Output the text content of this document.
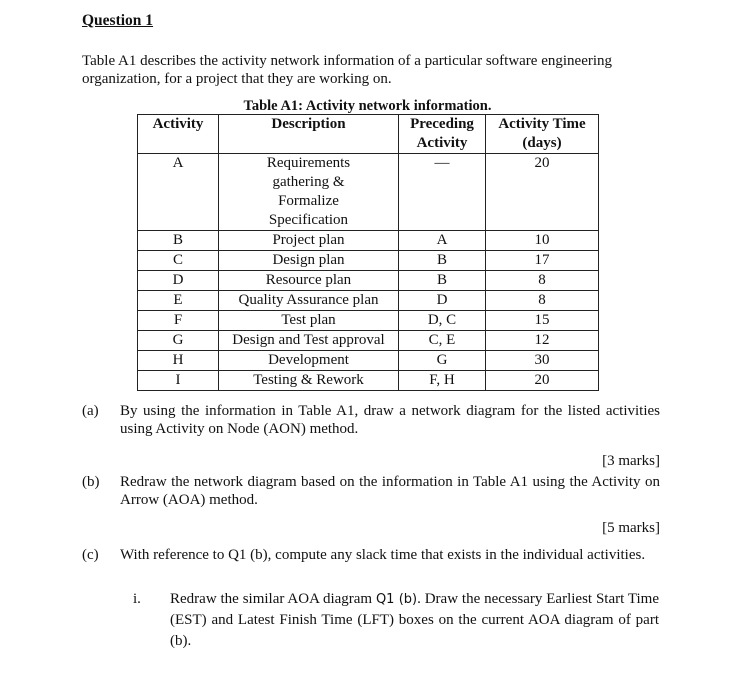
Question 1
Table A1 describes the activity network information of a particular software engineering organization, for a project that they are working on.
Table A1: Activity network information.
Activity	Description	Preceding Activity	Activity Time (days)
A	Requirements gathering & Formalize Specification	—	20
B	Project plan	A	10
C	Design plan	B	17
D	Resource plan	B	8
E	Quality Assurance plan	D	8
F	Test plan	D, C	15
G	Design and Test approval	C, E	12
H	Development	G	30
I	Testing & Rework	F, H	20
(a)	By using the information in Table A1, draw a network diagram for the listed activities using Activity on Node (AON) method.
[3 marks]
(b)	Redraw the network diagram based on the information in Table A1 using the Activity on Arrow (AOA) method.
[5 marks]
(c)	With reference to Q1 (b), compute any slack time that exists in the individual activities.
i.	Redraw the similar AOA diagram Q1 (b). Draw the necessary Earliest Start Time (EST) and Latest Finish Time (LFT) boxes on the current AOA diagram of part (b).
